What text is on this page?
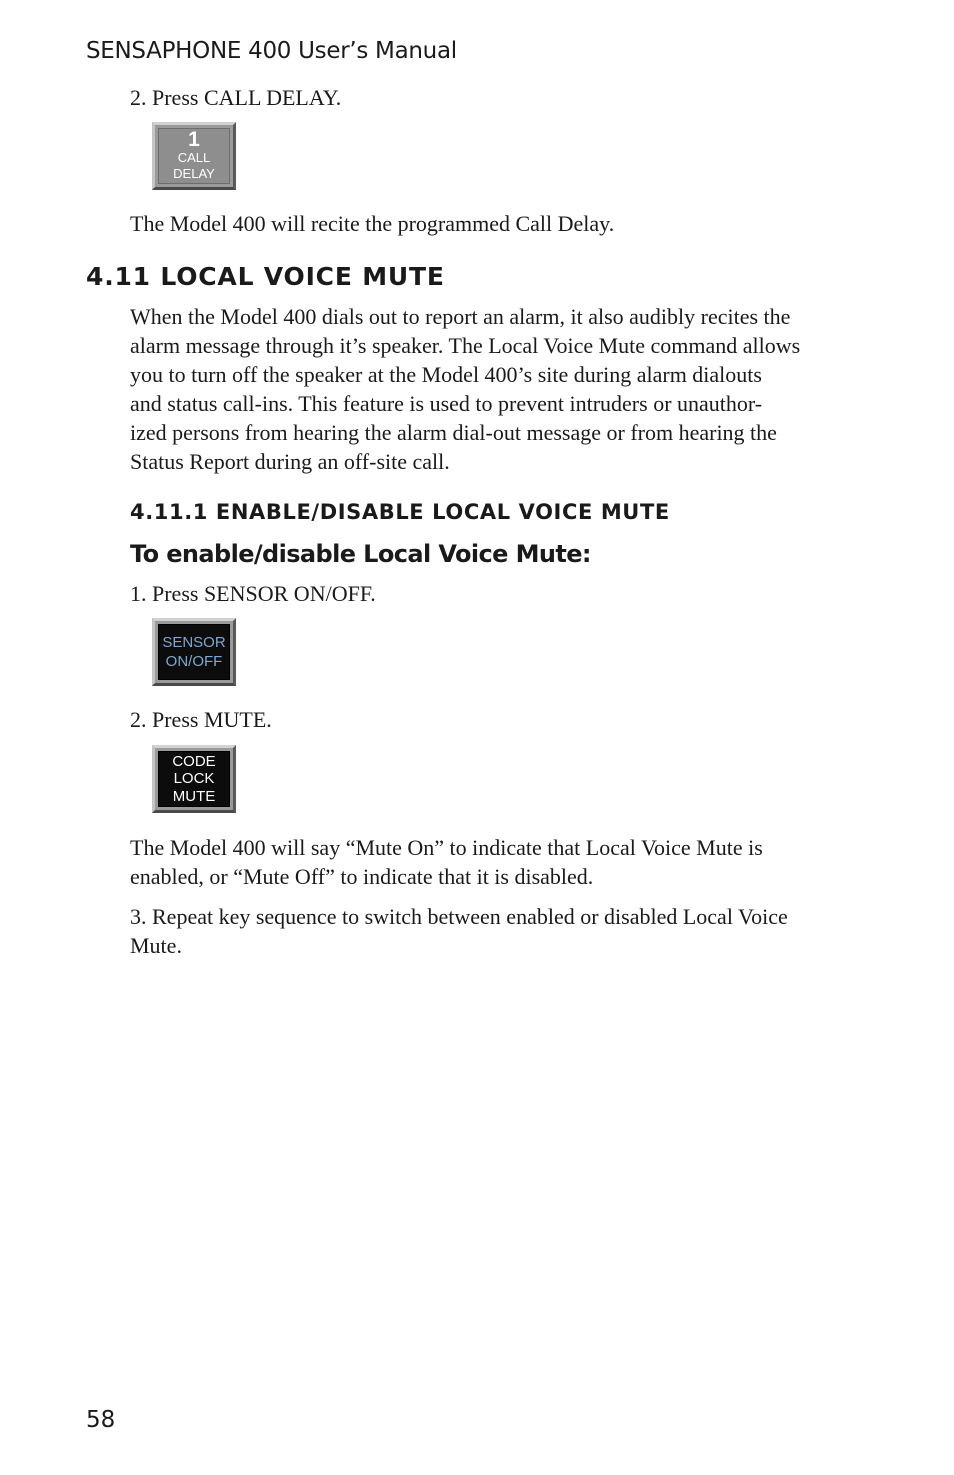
SENSAPHONE 400 User’s Manual
2. Press CALL DELAY.
1
CALL
DELAY
The Model 400 will recite the programmed Call Delay.
4.11 LOCAL VOICE MUTE
When the Model 400 dials out to report an alarm, it also audibly recites the
alarm message through it’s speaker. The Local Voice Mute command allows
you to turn off the speaker at the Model 400’s site during alarm dialouts
and status call-ins. This feature is used to prevent intruders or unauthor-
ized persons from hearing the alarm dial-out message or from hearing the
Status Report during an off-site call.
4.11.1 ENABLE/DISABLE LOCAL VOICE MUTE
To enable/disable Local Voice Mute:
1. Press SENSOR ON/OFF.
SENSOR
ON/OFF
2. Press MUTE.
CODE
LOCK
MUTE
The Model 400 will say “Mute On” to indicate that Local Voice Mute is
enabled, or “Mute Off” to indicate that it is disabled.
3. Repeat key sequence to switch between enabled or disabled Local Voice
Mute.
58
